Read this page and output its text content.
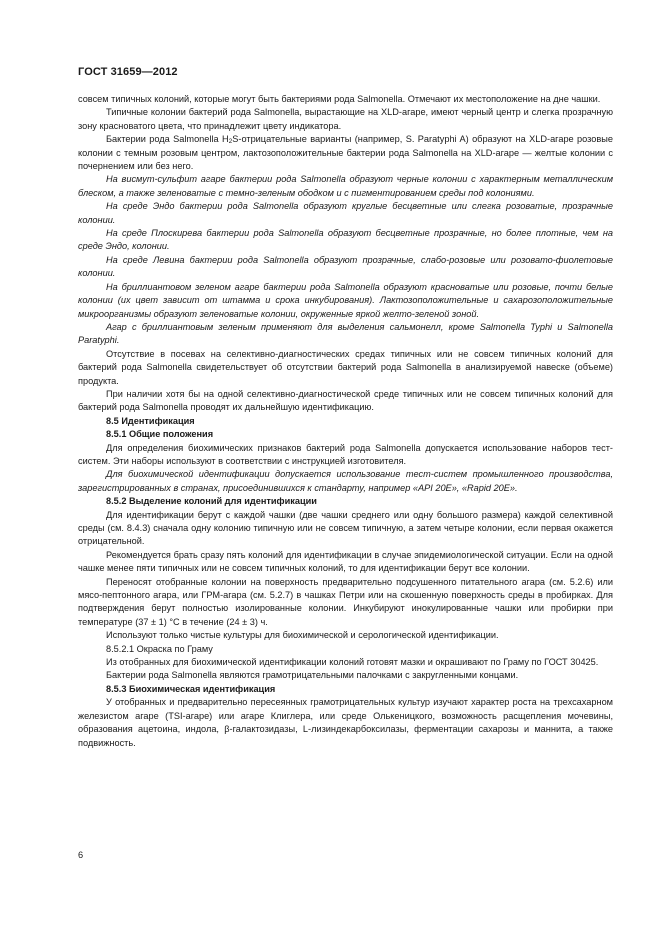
ГОСТ 31659—2012

совсем типичных колоний, которые могут быть бактериями рода Salmonella. Отмечают их местоположение на дне чашки.

Типичные колонии бактерий рода Salmonella, вырастающие на XLD-агаре, имеют черный центр и слегка прозрачную зону красноватого цвета, что принадлежит цвету индикатора.

Бактерии рода Salmonella $H_2S$-отрицательные варианты (например, S. Paratyphi A) образуют на XLD-агаре розовые колонии с темным розовым центром, лактозоположительные бактерии рода Salmonella на XLD-агаре — желтые колонии с почернением или без него.

На висмут-сульфит агаре бактерии рода Salmonella образуют черные колонии с характерным металлическим блеском, а также зеленоватые с темно-зеленым ободком и с пигментированием среды под колониями.

На среде Эндо бактерии рода Salmonella образуют круглые бесцветные или слегка розоватые, прозрачные колонии.

На среде Плоскирева бактерии рода Salmonella образуют бесцветные прозрачные, но более плотные, чем на среде Эндо, колонии.

На среде Левина бактерии рода Salmonella образуют прозрачные, слабо-розовые или розовато-фиолетовые колонии.

На бриллиантовом зеленом агаре бактерии рода Salmonella образуют красноватые или розовые, почти белые колонии (их цвет зависит от штамма и срока инкубирования). Лактозоположительные и сахарозоположительные микроорганизмы образуют зеленоватые колонии, окруженные яркой желто-зеленой зоной.

Агар с бриллиантовым зеленым применяют для выделения сальмонелл, кроме Salmonella Typhi и Salmonella Paratyphi.

Отсутствие в посевах на селективно-диагностических средах типичных или не совсем типичных колоний для бактерий рода Salmonella свидетельствует об отсутствии бактерий рода Salmonella в анализируемой навеске (объеме) продукта.

При наличии хотя бы на одной селективно-диагностической среде типичных или не совсем типичных колоний для бактерий рода Salmonella проводят их дальнейшую идентификацию.

8.5 Идентификация

8.5.1 Общие положения

Для определения биохимических признаков бактерий рода Salmonella допускается использование наборов тест-систем. Эти наборы используют в соответствии с инструкцией изготовителя.

Для биохимической идентификации допускается использование тест-систем промышленного производства, зарегистрированных в странах, присоединившихся к стандарту, например «API 20E», «Rapid 20E».

8.5.2 Выделение колоний для идентификации

Для идентификации берут с каждой чашки (две чашки среднего или одну большого размера) каждой селективной среды (см. 8.4.3) сначала одну колонию типичную или не совсем типичную, а затем четыре колонии, если первая окажется отрицательной.

Рекомендуется брать сразу пять колоний для идентификации в случае эпидемиологической ситуации. Если на одной чашке менее пяти типичных или не совсем типичных колоний, то для идентификации берут все колонии.

Переносят отобранные колонии на поверхность предварительно подсушенного питательного агара (см. 5.2.6) или мясо-пептонного агара, или ГРМ-агара (см. 5.2.7) в чашках Петри или на скошенную поверхность среды в пробирках. Для подтверждения берут полностью изолированные колонии. Инкубируют инокулированные чашки или пробирки при температуре (37 ± 1) °С в течение (24 ± 3) ч.

Используют только чистые культуры для биохимической и серологической идентификации.

8.5.2.1 Окраска по Граму

Из отобранных для биохимической идентификации колоний готовят мазки и окрашивают по Граму по ГОСТ 30425.

Бактерии рода Salmonella являются грамотрицательными палочками с закругленными концами.

8.5.3 Биохимическая идентификация

У отобранных и предварительно пересеянных грамотрицательных культур изучают характер роста на трехсахарном железистом агаре (TSI-агаре) или агаре Клиглера, или среде Олькеницкого, возможность расщепления мочевины, образования ацетоина, индола, β-галактозидазы, L-лизиндекарбоксилазы, ферментации сахарозы и маннита, а также подвижность.

6
